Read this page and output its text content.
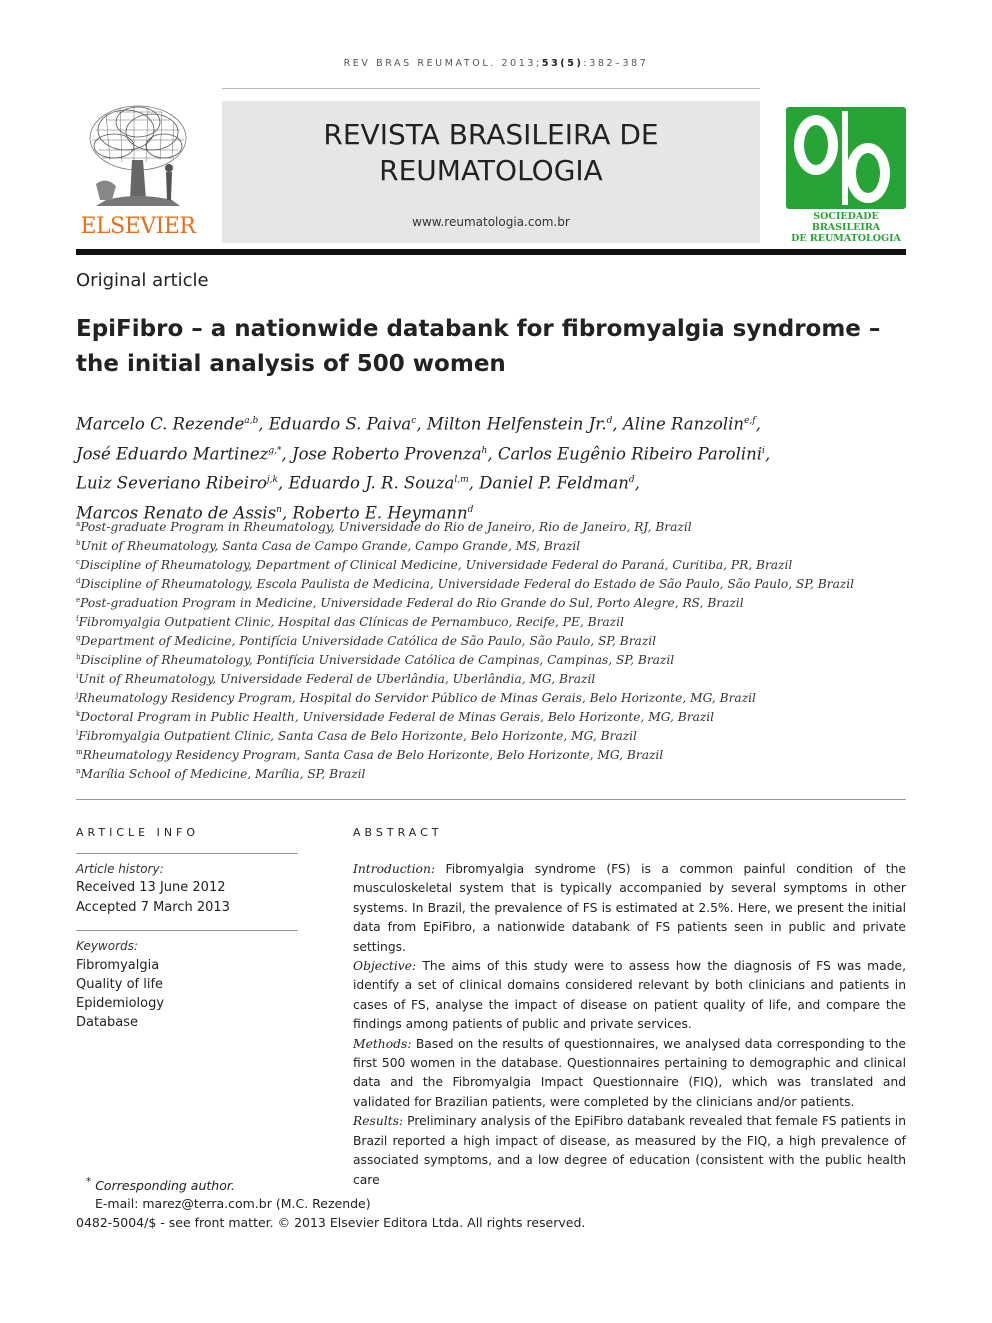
REV BRAS REUMATOL. 2013;53(5):382–387
ELSEVIER
REVISTA BRASILEIRA DE
REUMATOLOGIA
www.reumatologia.com.br	SOCIEDADE BRASILEIRA
DE REUMATOLOGIA
Original article
EpiFibro – a nationwide databank for fibromyalgia syndrome –
the initial analysis of 500 women
Marcelo C. Rezende$^{a,b}$, Eduardo S. Paiva$^c$, Milton Helfenstein Jr.$^d$, Aline Ranzolin$^{e,f}$,
José Eduardo Martinez$^{g,*}$, Jose Roberto Provenza$^h$, Carlos Eugênio Ribeiro Parolini$^i$,
Luiz Severiano Ribeiro$^{j,k}$, Eduardo J. R. Souza$^{l,m}$, Daniel P. Feldman$^d$,
Marcos Renato de Assis$^n$, Roberto E. Heymann$^d$
$^a$Post-graduate Program in Rheumatology, Universidade do Rio de Janeiro, Rio de Janeiro, RJ, Brazil
$^b$Unit of Rheumatology, Santa Casa de Campo Grande, Campo Grande, MS, Brazil
$^c$Discipline of Rheumatology, Department of Clinical Medicine, Universidade Federal do Paraná, Curitiba, PR, Brazil
$^d$Discipline of Rheumatology, Escola Paulista de Medicina, Universidade Federal do Estado de São Paulo, São Paulo, SP, Brazil
$^e$Post-graduation Program in Medicine, Universidade Federal do Rio Grande do Sul, Porto Alegre, RS, Brazil
$^f$Fibromyalgia Outpatient Clinic, Hospital das Clínicas de Pernambuco, Recife, PE, Brazil
$^g$Department of Medicine, Pontifícia Universidade Católica de São Paulo, São Paulo, SP, Brazil
$^h$Discipline of Rheumatology, Pontifícia Universidade Católica de Campinas, Campinas, SP, Brazil
$^i$Unit of Rheumatology, Universidade Federal de Uberlândia, Uberlândia, MG, Brazil
$^j$Rheumatology Residency Program, Hospital do Servidor Público de Minas Gerais, Belo Horizonte, MG, Brazil
$^k$Doctoral Program in Public Health, Universidade Federal de Minas Gerais, Belo Horizonte, MG, Brazil
$^l$Fibromyalgia Outpatient Clinic, Santa Casa de Belo Horizonte, Belo Horizonte, MG, Brazil
$^m$Rheumatology Residency Program, Santa Casa de Belo Horizonte, Belo Horizonte, MG, Brazil
$^n$Marília School of Medicine, Marília, SP, Brazil
ARTICLE INFO
Article history:
Received 13 June 2012
Accepted 7 March 2013
Keywords:
Fibromyalgia
Quality of life
Epidemiology
Database
ABSTRACT

Introduction: Fibromyalgia syndrome (FS) is a common painful condition of the musculoskeletal system that is typically accompanied by several symptoms in other systems. In Brazil, the prevalence of FS is estimated at 2.5%. Here, we present the initial data from EpiFibro, a nationwide databank of FS patients seen in public and private settings.

Objective: The aims of this study were to assess how the diagnosis of FS was made, identify a set of clinical domains considered relevant by both clinicians and patients in cases of FS, analyse the impact of disease on patient quality of life, and compare the findings among patients of public and private services.

Methods: Based on the results of questionnaires, we analysed data corresponding to the first 500 women in the database. Questionnaires pertaining to demographic and clinical data and the Fibromyalgia Impact Questionnaire (FIQ), which was translated and validated for Brazilian patients, were completed by the clinicians and/or patients.

Results: Preliminary analysis of the EpiFibro databank revealed that female FS patients in Brazil reported a high impact of disease, as measured by the FIQ, a high prevalence of associated symptoms, and a low degree of education (consistent with the public health care

* Corresponding author.
E-mail: marez@terra.com.br (M.C. Rezende)
0482-5004/$ - see front matter. © 2013 Elsevier Editora Ltda. All rights reserved.
